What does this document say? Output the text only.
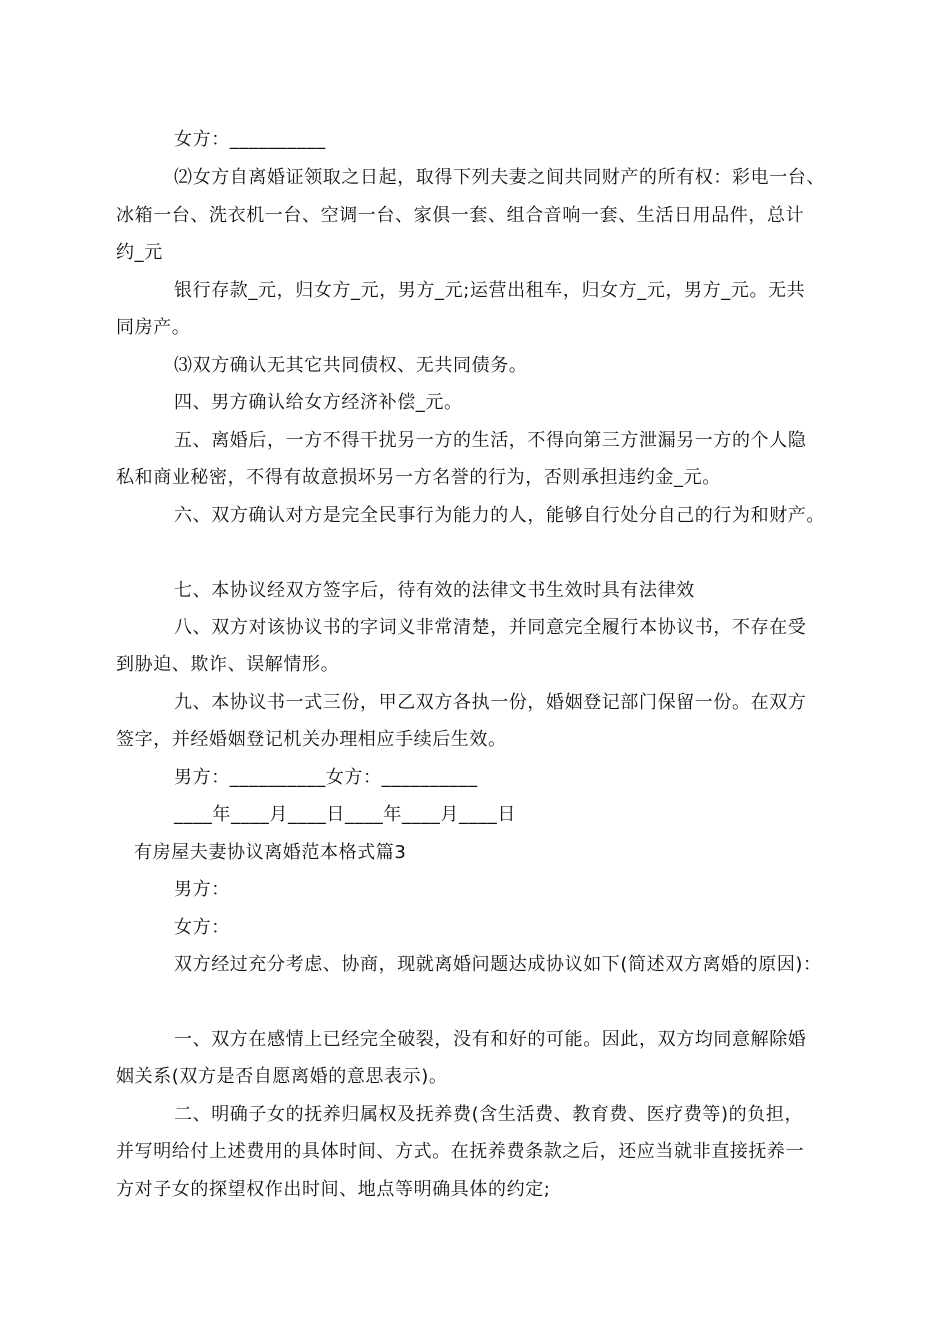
女方：__________
⑵女方自离婚证领取之日起，取得下列夫妻之间共同财产的所有权：彩电一台、
冰箱一台、洗衣机一台、空调一台、家俱一套、组合音响一套、生活日用品件，总计
约_元
银行存款_元，归女方_元，男方_元;运营出租车，归女方_元，男方_元。无共
同房产。
⑶双方确认无其它共同债权、无共同债务。
四、男方确认给女方经济补偿_元。
五、离婚后，一方不得干扰另一方的生活，不得向第三方泄漏另一方的个人隐
私和商业秘密，不得有故意损坏另一方名誉的行为，否则承担违约金_元。
六、双方确认对方是完全民事行为能力的人，能够自行处分自己的行为和财产。
七、本协议经双方签字后，待有效的法律文书生效时具有法律效
八、双方对该协议书的字词义非常清楚，并同意完全履行本协议书，不存在受
到胁迫、欺诈、误解情形。
九、本协议书一式三份，甲乙双方各执一份，婚姻登记部门保留一份。在双方
签字，并经婚姻登记机关办理相应手续后生效。
男方：__________女方：__________
____年____月____日____年____月____日
有房屋夫妻协议离婚范本格式篇3
男方：
女方：
双方经过充分考虑、协商，现就离婚问题达成协议如下(简述双方离婚的原因)：
一、双方在感情上已经完全破裂，没有和好的可能。因此，双方均同意解除婚
姻关系(双方是否自愿离婚的意思表示)。
二、明确子女的抚养归属权及抚养费(含生活费、教育费、医疗费等)的负担，
并写明给付上述费用的具体时间、方式。在抚养费条款之后，还应当就非直接抚养一
方对子女的探望权作出时间、地点等明确具体的约定;
